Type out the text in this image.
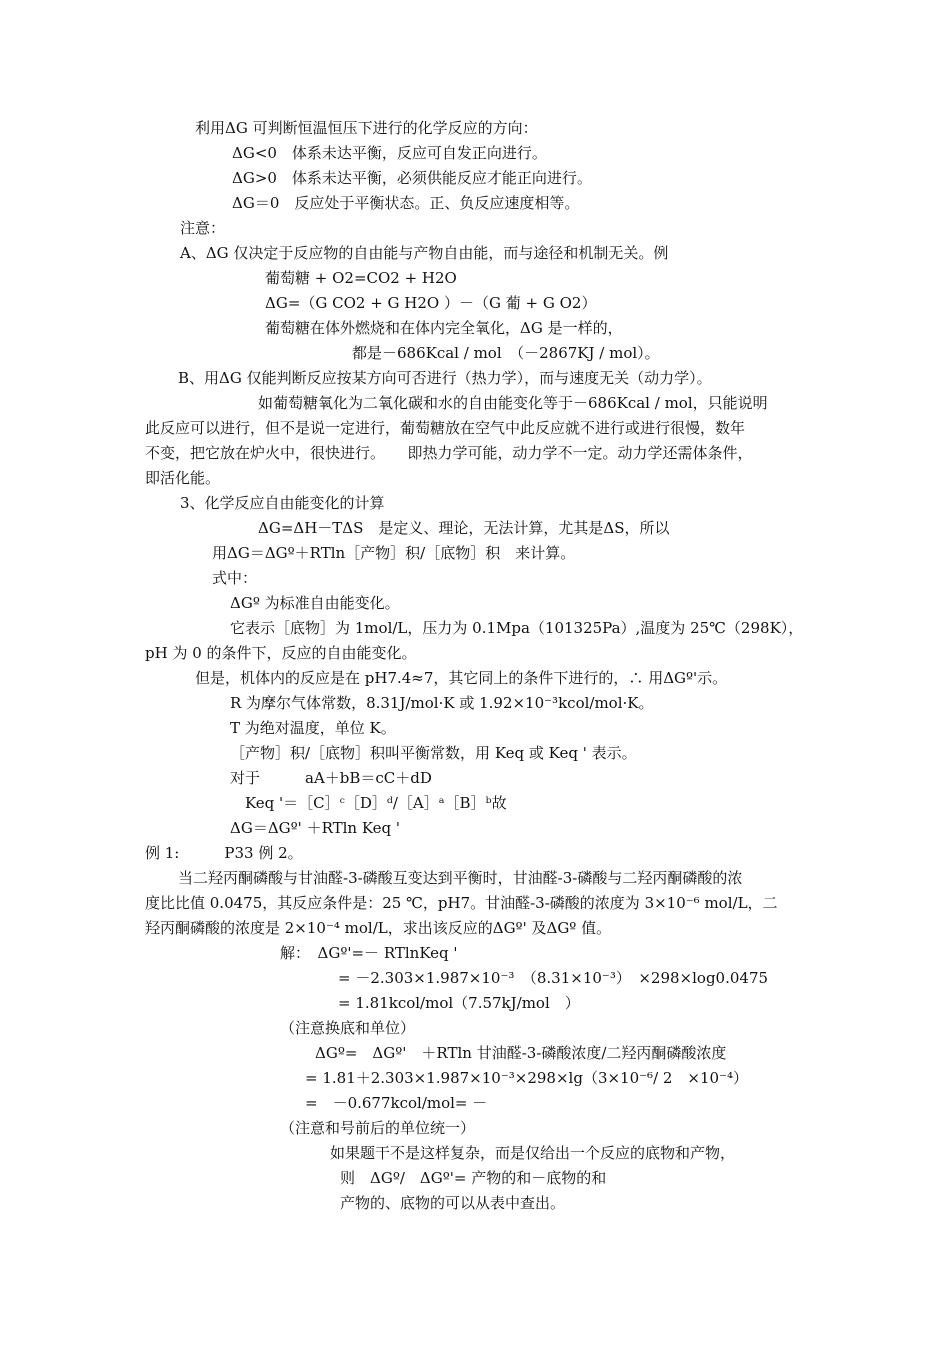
利用ΔG 可判断恒温恒压下进行的化学反应的方向：
ΔG<0　体系未达平衡，反应可自发正向进行。
ΔG>0　体系未达平衡，必须供能反应才能正向进行。
ΔG＝0　反应处于平衡状态。正、负反应速度相等。
注意：
A、ΔG 仅决定于反应物的自由能与产物自由能，而与途径和机制无关。例
葡萄糖 + O2=CO2 + H2O
ΔG=（G CO2 + G H2O ）－（G 葡 + G O2）
葡萄糖在体外燃烧和在体内完全氧化，ΔG 是一样的，
都是－686Kcal / mol　（－2867KJ / mol）。
B、用ΔG 仅能判断反应按某方向可否进行（热力学），而与速度无关（动力学）。
如葡萄糖氧化为二氧化碳和水的自由能变化等于－686Kcal / mol，只能说明
此反应可以进行，但不是说一定进行，葡萄糖放在空气中此反应就不进行或进行很慢，数年
不变，把它放在炉火中，很快进行。　　即热力学可能，动力学不一定。动力学还需体条件，
即活化能。
3、化学反应自由能变化的计算
ΔG=ΔH－TΔS　是定义、理论，无法计算，尤其是ΔS，所以
用ΔG＝ΔGº＋RTln［产物］积/［底物］积　来计算。
式中：
ΔGº 为标准自由能变化。
它表示［底物］为 1mol/L，压力为 0.1Mpa（101325Pa）,温度为 25℃（298K），
pH 为 0 的条件下，反应的自由能变化。
但是，机体内的反应是在 pH7.4≈7，其它同上的条件下进行的，∴ 用ΔGº'示。
R 为摩尔气体常数，8.31J/mol·K 或 1.92×10⁻³kcol/mol·K。
T 为绝对温度，单位 K。
［产物］积/［底物］积叫平衡常数，用 Keq 或 Keq ' 表示。
对于　　　aA＋bB＝cC＋dD
Keq '＝［C］ᶜ［D］ᵈ/［A］ᵃ［B］ᵇ故
ΔG＝ΔGº' ＋RTln Keq '
例 1:　　　P33 例 2。
当二羟丙酮磷酸与甘油醛-3-磷酸互变达到平衡时，甘油醛-3-磷酸与二羟丙酮磷酸的浓
度比比值 0.0475，其反应条件是：25 ℃，pH7。甘油醛-3-磷酸的浓度为 3×10⁻⁶ mol/L，二
羟丙酮磷酸的浓度是 2×10⁻⁴ mol/L，求出该反应的ΔGº' 及ΔGº 值。
解：　ΔGº'=－ RTlnKeq '
= －2.303×1.987×10⁻³　（8.31×10⁻³）　×298×log0.0475
= 1.81kcol/mol（7.57kJ/mol　）
（注意换底和单位）
ΔGº=　ΔGº'　＋RTln 甘油醛-3-磷酸浓度/二羟丙酮磷酸浓度
= 1.81＋2.303×1.987×10⁻³×298×lg（3×10⁻⁶/ 2　×10⁻⁴）
=　－0.677kcol/mol= －
（注意和号前后的单位统一）
如果题干不是这样复杂，而是仅给出一个反应的底物和产物，
则　ΔGº/　ΔGº'= 产物的和－底物的和
产物的、底物的可以从表中查出。
